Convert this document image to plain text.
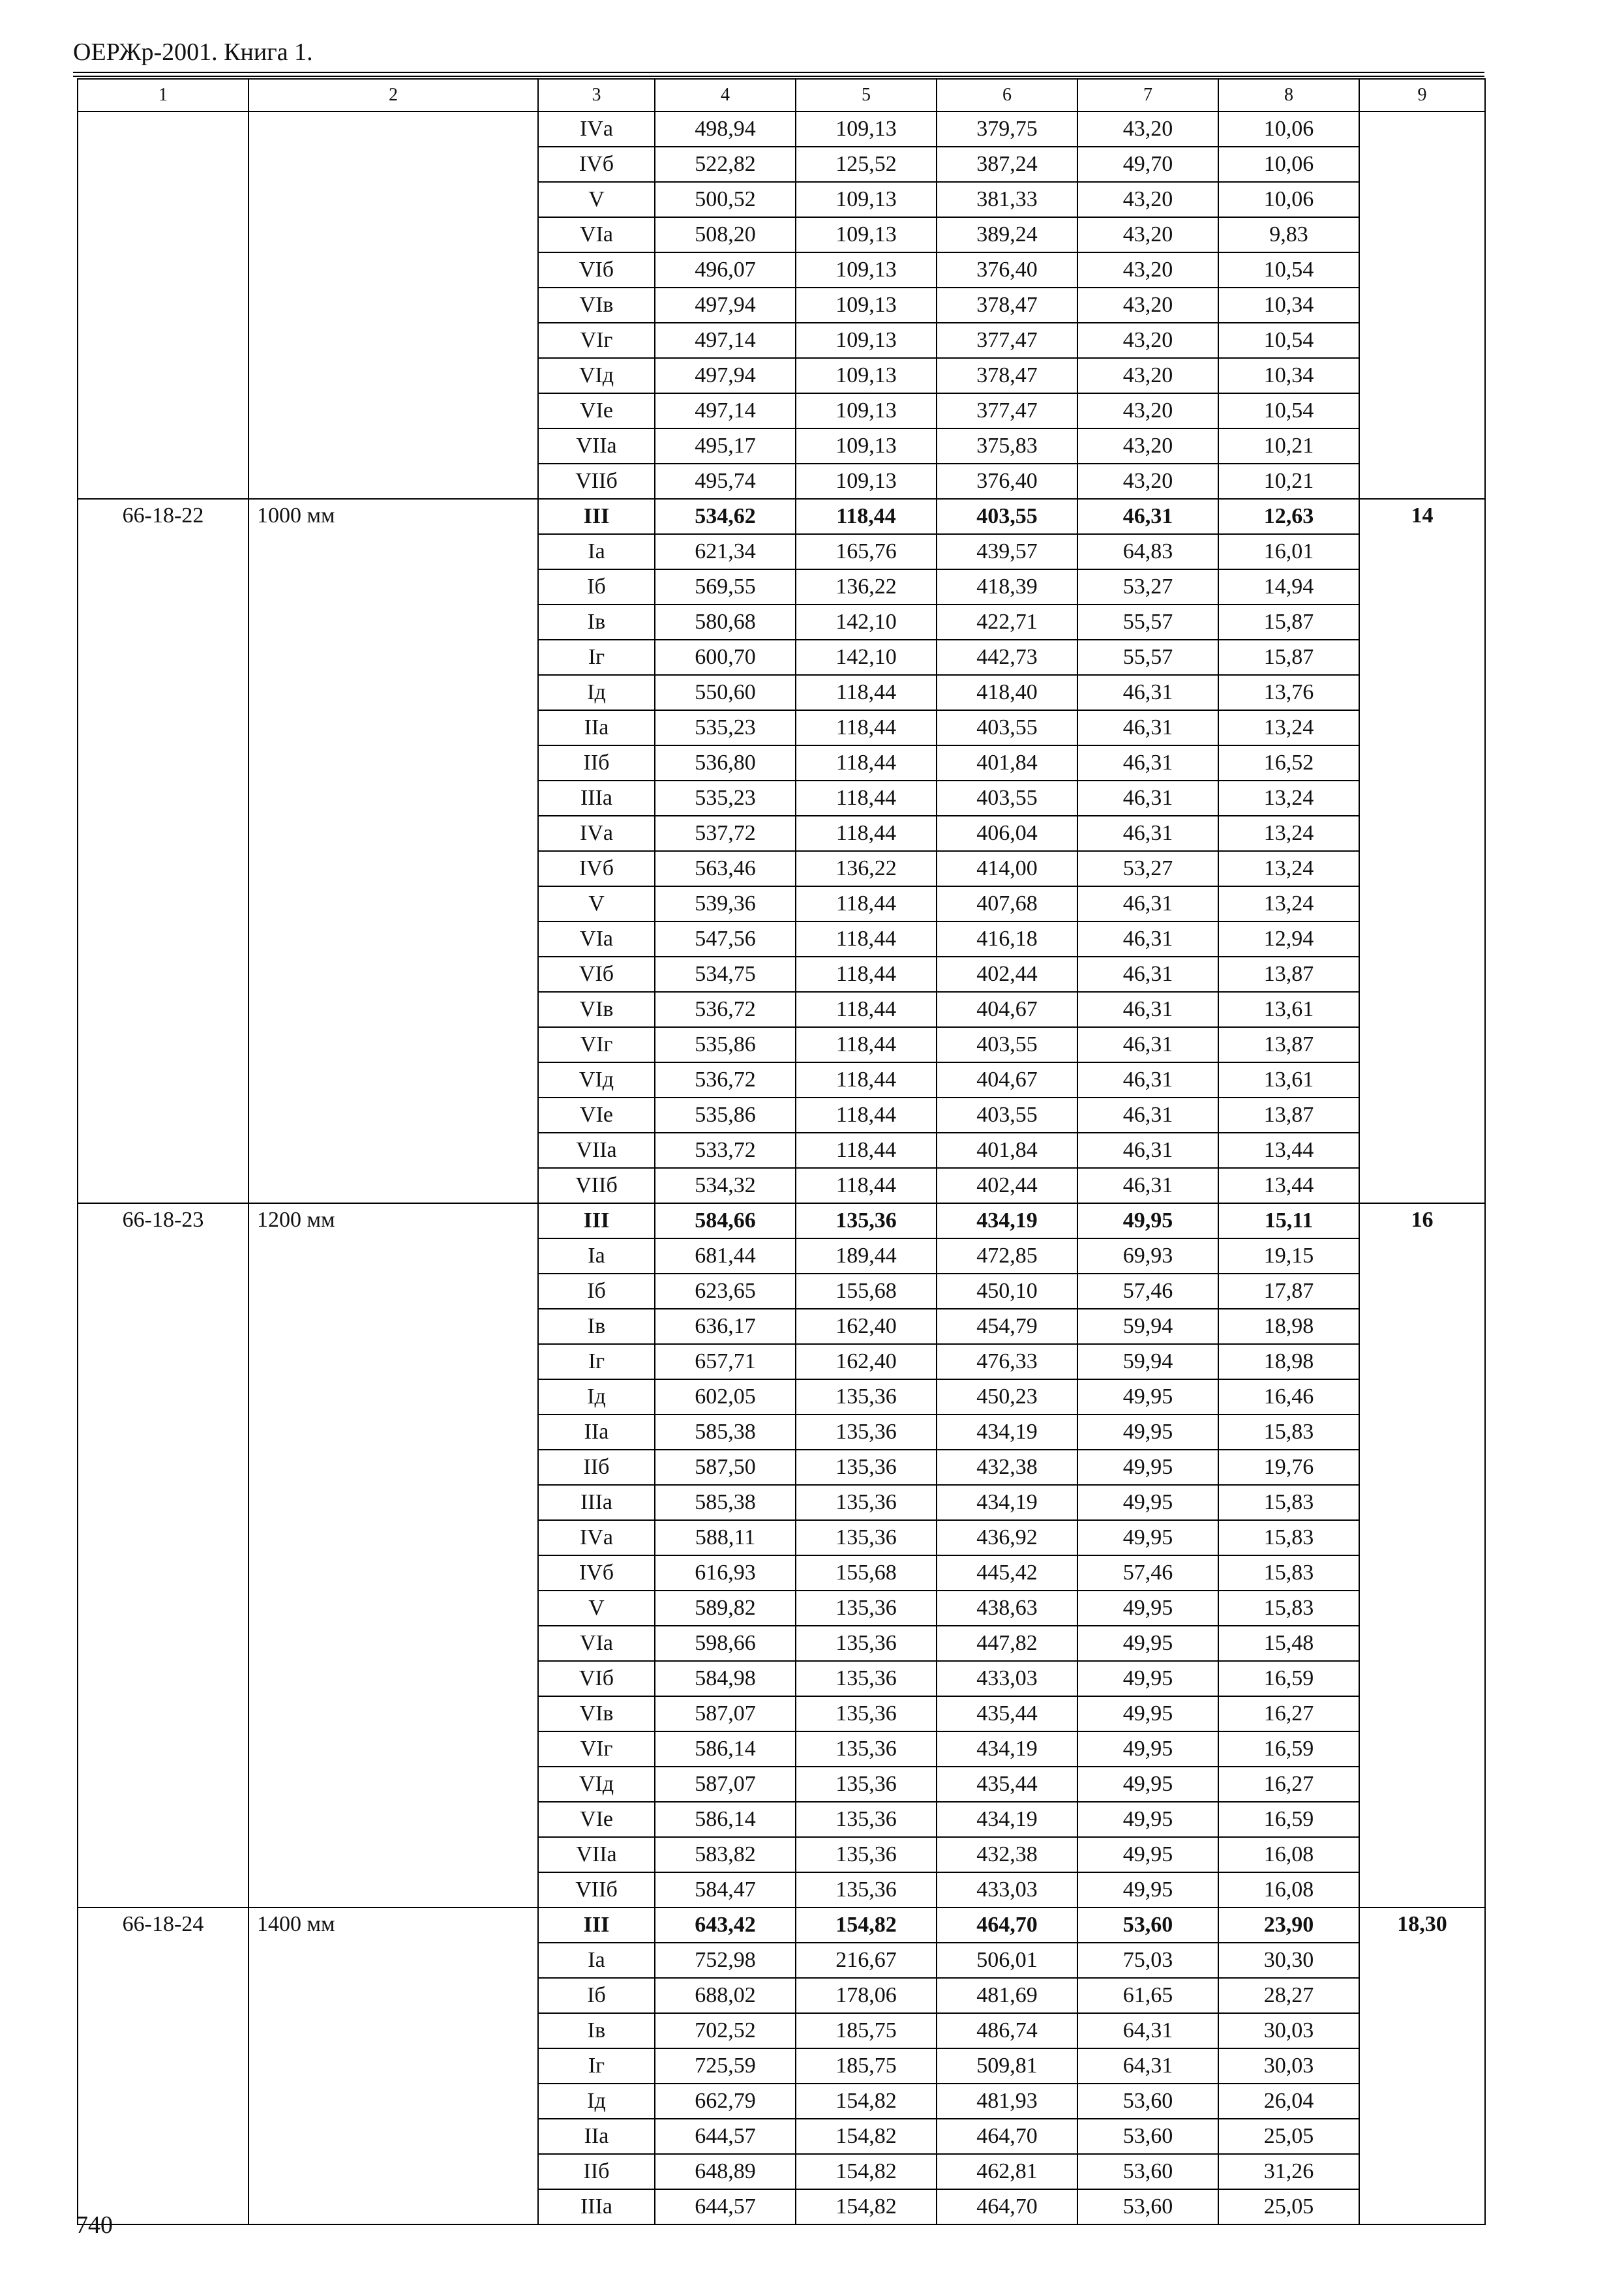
ОЕРЖр-2001. Книга 1.
1	2	3	4	5	6	7	8	9
		IVа	498,94	109,13	379,75	43,20	10,06	
		IVб	522,82	125,52	387,24	49,70	10,06	
		V	500,52	109,13	381,33	43,20	10,06	
		VIа	508,20	109,13	389,24	43,20	9,83	
		VIб	496,07	109,13	376,40	43,20	10,54	
		VIв	497,94	109,13	378,47	43,20	10,34	
		VIг	497,14	109,13	377,47	43,20	10,54	
		VIд	497,94	109,13	378,47	43,20	10,34	
		VIе	497,14	109,13	377,47	43,20	10,54	
		VIIа	495,17	109,13	375,83	43,20	10,21	
		VIIб	495,74	109,13	376,40	43,20	10,21	
66-18-22	1000 мм	III	534,62	118,44	403,55	46,31	12,63	14
		Iа	621,34	165,76	439,57	64,83	16,01	
		Iб	569,55	136,22	418,39	53,27	14,94	
		Iв	580,68	142,10	422,71	55,57	15,87	
		Iг	600,70	142,10	442,73	55,57	15,87	
		Iд	550,60	118,44	418,40	46,31	13,76	
		IIа	535,23	118,44	403,55	46,31	13,24	
		IIб	536,80	118,44	401,84	46,31	16,52	
		IIIа	535,23	118,44	403,55	46,31	13,24	
		IVа	537,72	118,44	406,04	46,31	13,24	
		IVб	563,46	136,22	414,00	53,27	13,24	
		V	539,36	118,44	407,68	46,31	13,24	
		VIа	547,56	118,44	416,18	46,31	12,94	
		VIб	534,75	118,44	402,44	46,31	13,87	
		VIв	536,72	118,44	404,67	46,31	13,61	
		VIг	535,86	118,44	403,55	46,31	13,87	
		VIд	536,72	118,44	404,67	46,31	13,61	
		VIе	535,86	118,44	403,55	46,31	13,87	
		VIIа	533,72	118,44	401,84	46,31	13,44	
		VIIб	534,32	118,44	402,44	46,31	13,44	
66-18-23	1200 мм	III	584,66	135,36	434,19	49,95	15,11	16
		Iа	681,44	189,44	472,85	69,93	19,15	
		Iб	623,65	155,68	450,10	57,46	17,87	
		Iв	636,17	162,40	454,79	59,94	18,98	
		Iг	657,71	162,40	476,33	59,94	18,98	
		Iд	602,05	135,36	450,23	49,95	16,46	
		IIа	585,38	135,36	434,19	49,95	15,83	
		IIб	587,50	135,36	432,38	49,95	19,76	
		IIIа	585,38	135,36	434,19	49,95	15,83	
		IVа	588,11	135,36	436,92	49,95	15,83	
		IVб	616,93	155,68	445,42	57,46	15,83	
		V	589,82	135,36	438,63	49,95	15,83	
		VIа	598,66	135,36	447,82	49,95	15,48	
		VIб	584,98	135,36	433,03	49,95	16,59	
		VIв	587,07	135,36	435,44	49,95	16,27	
		VIг	586,14	135,36	434,19	49,95	16,59	
		VIд	587,07	135,36	435,44	49,95	16,27	
		VIе	586,14	135,36	434,19	49,95	16,59	
		VIIа	583,82	135,36	432,38	49,95	16,08	
		VIIб	584,47	135,36	433,03	49,95	16,08	
66-18-24	1400 мм	III	643,42	154,82	464,70	53,60	23,90	18,30
		Iа	752,98	216,67	506,01	75,03	30,30	
		Iб	688,02	178,06	481,69	61,65	28,27	
		Iв	702,52	185,75	486,74	64,31	30,03	
		Iг	725,59	185,75	509,81	64,31	30,03	
		Iд	662,79	154,82	481,93	53,60	26,04	
		IIа	644,57	154,82	464,70	53,60	25,05	
		IIб	648,89	154,82	462,81	53,60	31,26	
		IIIа	644,57	154,82	464,70	53,60	25,05	
740
